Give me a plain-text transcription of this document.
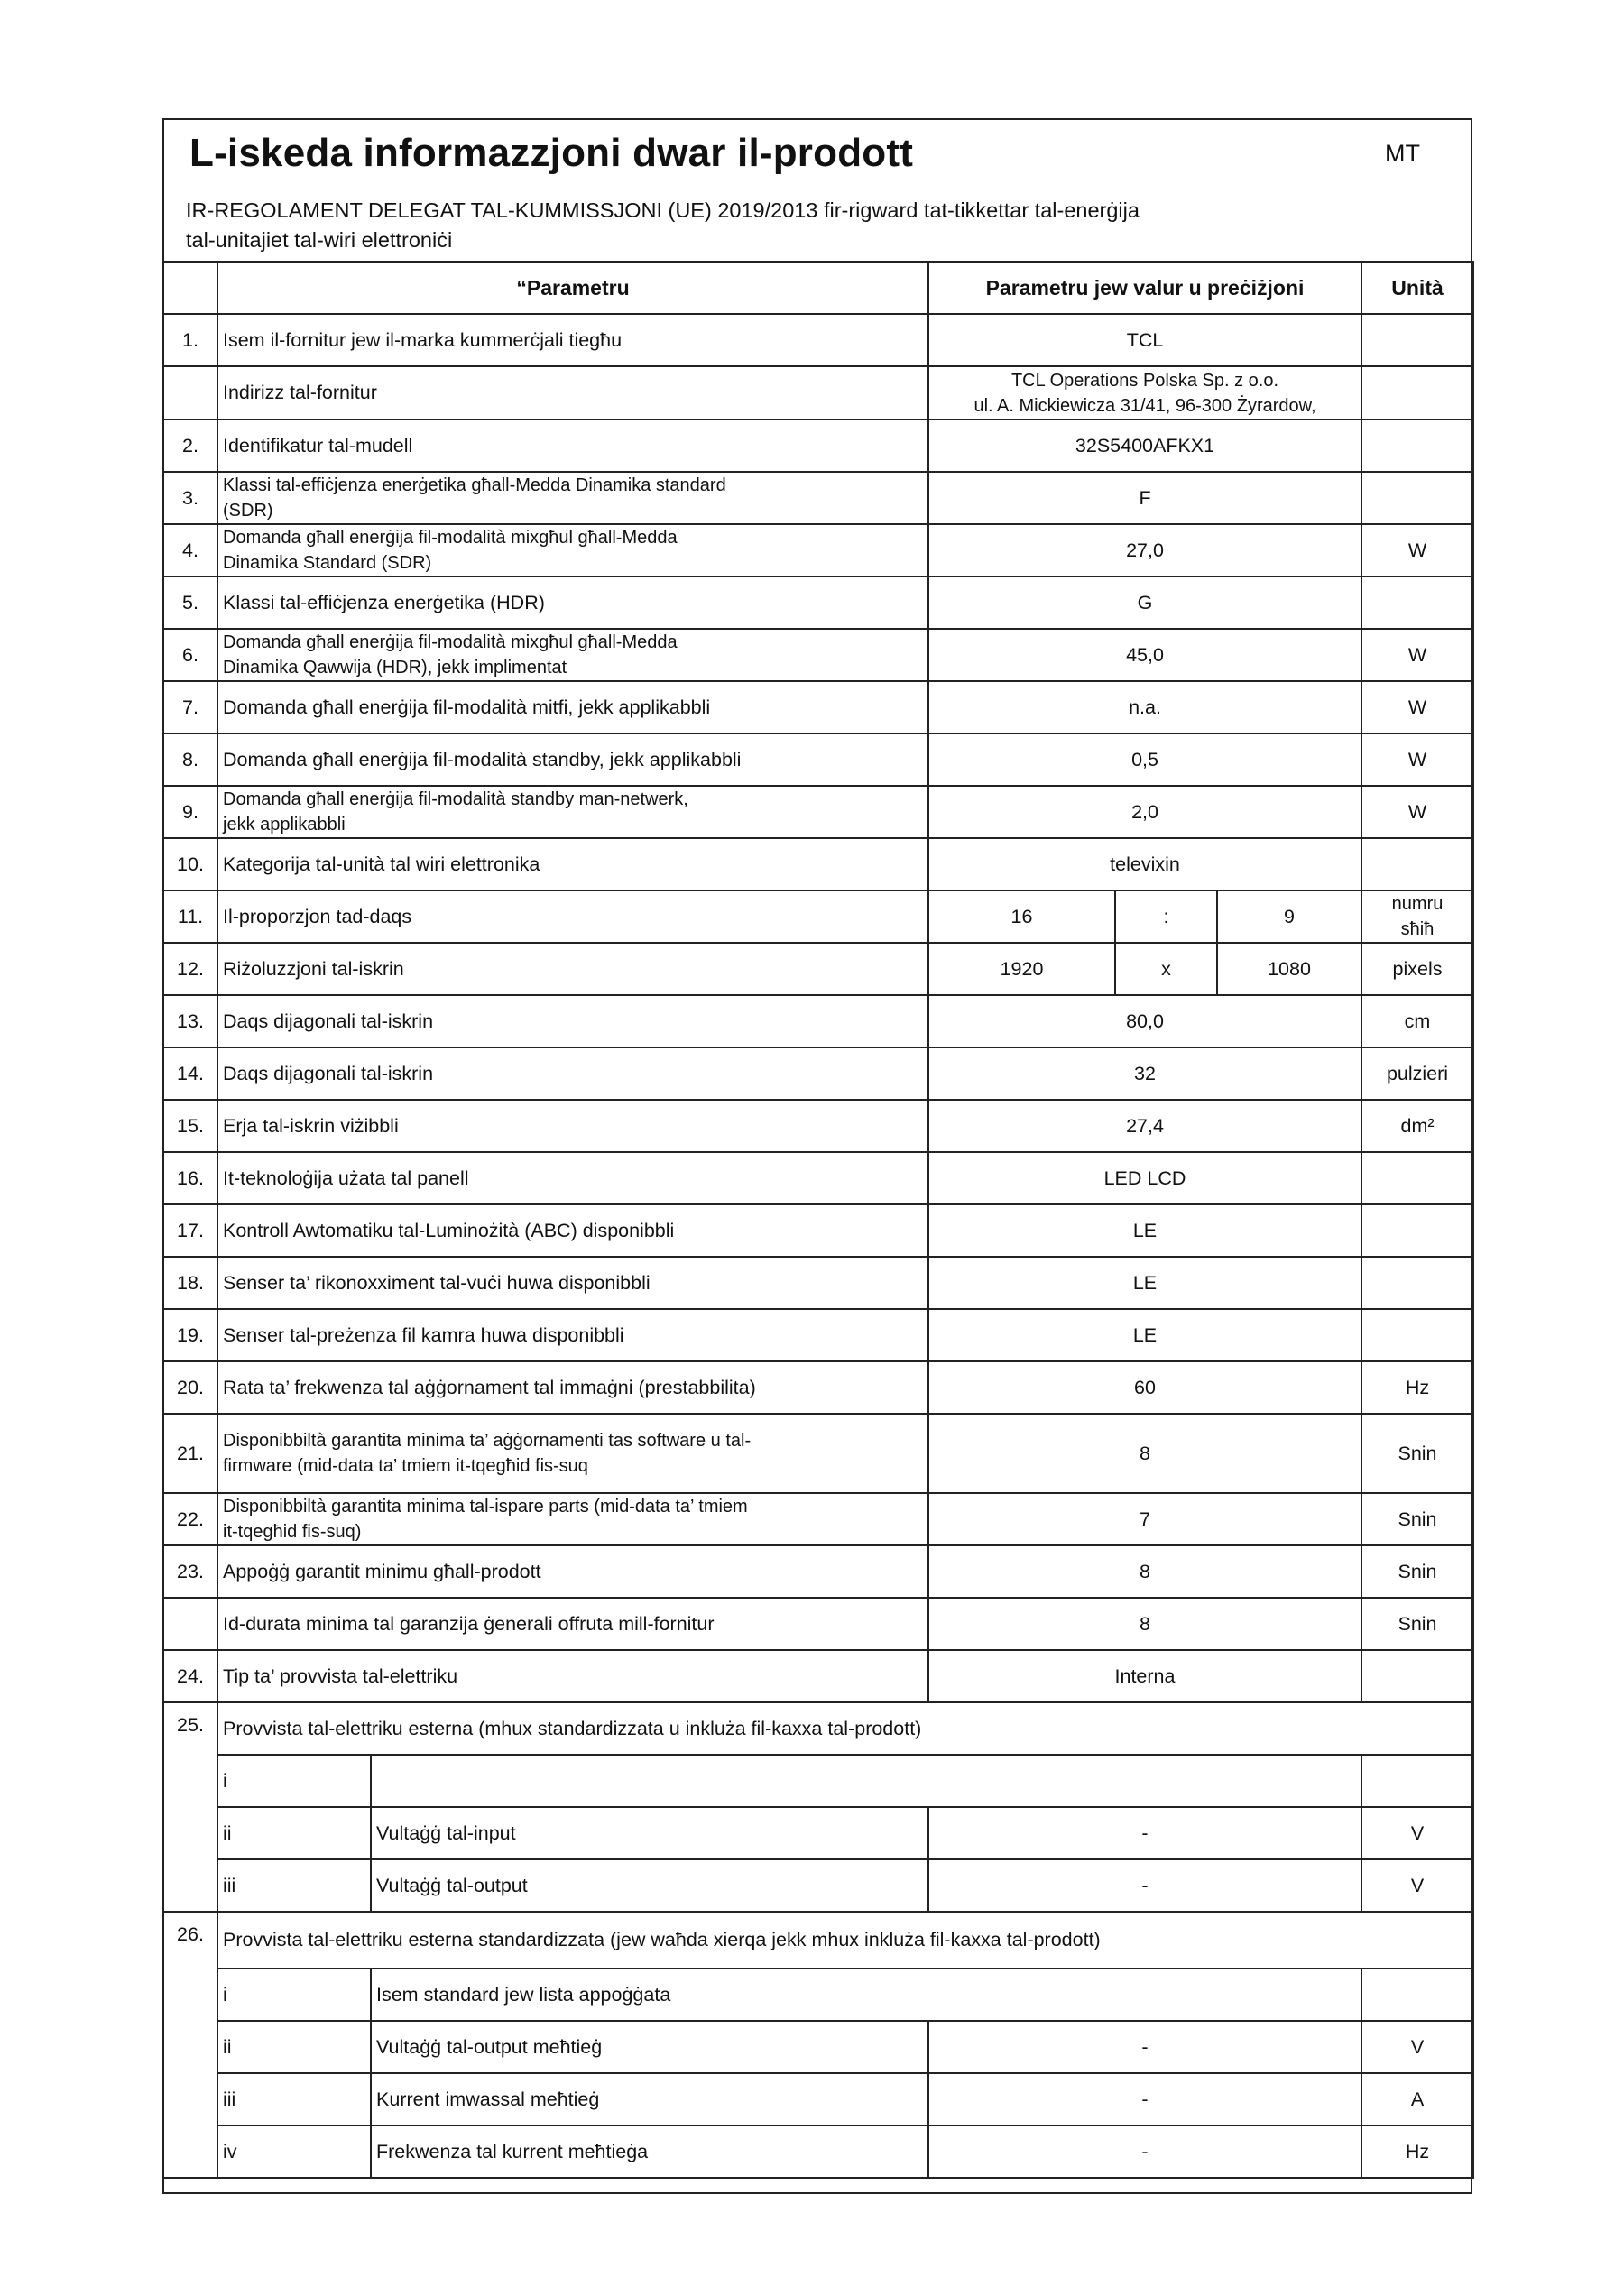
L-iskeda informazzjoni dwar il-prodott	MT
IR-REGOLAMENT DELEGAT TAL-KUMMISSJONI (UE) 2019/2013 fir-rigward tat-tikkettar tal-enerġija
tal-unitajiet tal-wiri elettroniċi
	“Parametru		Parametru jew valur u preċiżjoni			Unità
1.	Isem il-fornitur jew il-marka kummerċjali tiegħu		TCL			
	Indirizz tal-fornitur		TCL Operations Polska Sp. z o.o.
ul. A. Mickiewicza 31/41, 96-300 Żyrardow,			

2.	Identifikatur tal-mudell		32S5400AFKX1			
3.	Klassi tal-effiċjenza enerġetika għall-Medda Dinamika standard
(SDR)		F			
4.	Domanda għall enerġija fil-modalità mixgħul għall-Medda
Dinamika Standard (SDR)		27,0			W
5.	Klassi tal-effiċjenza enerġetika (HDR)		G			
6.	Domanda għall enerġija fil-modalità mixgħul għall-Medda
Dinamika Qawwija (HDR), jekk implimentat		45,0			W
7.	Domanda għall enerġija fil-modalità mitfi, jekk applikabbli		n.a.			W
8.	Domanda għall enerġija fil-modalità standby, jekk applikabbli		0,5			W
9.	Domanda għall enerġija fil-modalità standby man-netwerk,
jekk applikabbli		2,0			W
10.	Kategorija tal-unità tal wiri elettronika		televixin			
11.	Il-proporzjon tad-daqs		16	:	9	numru
sħiħ

12.	Riżoluzzjoni tal-iskrin		1920	x	1080	pixels
13.	Daqs dijagonali tal-iskrin		80,0			cm
14.	Daqs dijagonali tal-iskrin		32			pulzieri
15.	Erja tal-iskrin viżibbli		27,4			dm²
16.	It-teknoloġija użata tal panell		LED LCD			
17.	Kontroll Awtomatiku tal-Luminożità (ABC) disponibbli		LE			
18.	Senser ta’ rikonoxximent tal-vuċi huwa disponibbli		LE			
19.	Senser tal-preżenza fil kamra huwa disponibbli		LE			
20.	Rata ta’ frekwenza tal aġġornament tal immaġni (prestabbilita)		60			Hz
21.	Disponibbiltà garantita minima ta’ aġġornamenti tas software u tal-
firmware (mid-data ta’ tmiem it-tqegħid fis-suq		8			Snin
22.	Disponibbiltà garantita minima tal-ispare parts (mid-data ta’ tmiem
it-tqegħid fis-suq)		7			Snin
23.	Appoġġ garantit minimu għall-prodott		8			Snin
	Id-durata minima tal garanzija ġenerali offruta mill-fornitur		8			Snin
24.	Tip ta’ provvista tal-elettriku		Interna			
25.	Provvista tal-elettriku esterna (mhux standardizzata u inkluża fil-kaxxa tal-prodott)					
	i					
	ii	Vultaġġ tal-input	-			V
	iii	Vultaġġ tal-output	-			V
26.	Provvista tal-elettriku esterna standardizzata (jew waħda xierqa jekk mhux inkluża fil-kaxxa tal-prodott)					
	i	Isem standard jew lista appoġġata				
	ii	Vultaġġ tal-output meħtieġ	-			V
	iii	Kurrent imwassal meħtieġ	-			A
	iv	Frekwenza tal kurrent meħtieġa	-			Hz
